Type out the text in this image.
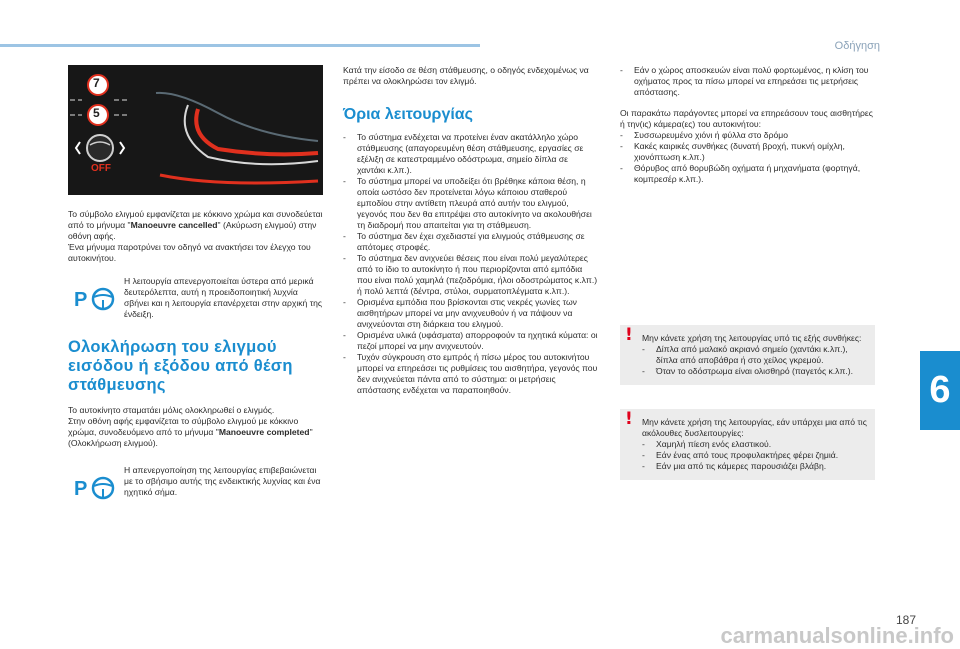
Οδήγηση
6
187
carmanualsonline.info
7
5
OFF

Το σύμβολο ελιγμού εμφανίζεται με κόκκινο χρώμα και συνοδεύεται από το μήνυμα "Manoeuvre cancelled" (Ακύρωση ελιγμού) στην οθόνη αφής.

Ένα μήνυμα παροτρύνει τον οδηγό να ανακτήσει τον έλεγχο του αυτοκινήτου.

P

Η λειτουργία απενεργοποιείται ύστερα από μερικά δευτερόλεπτα, αυτή η προειδοποιητική λυχνία σβήνει και η λειτουργία επανέρχεται στην αρχική της ένδειξη.

Ολοκλήρωση του ελιγμού εισόδου ή εξόδου από θέση στάθμευσης

Το αυτοκίνητο σταματάει μόλις ολοκληρωθεί ο ελιγμός.

Στην οθόνη αφής εμφανίζεται το σύμβολο ελιγμού με κόκκινο χρώμα, συνοδευόμενο από το μήνυμα "Manoeuvre completed" (Ολοκλήρωση ελιγμού).

P

Η απενεργοποίηση της λειτουργίας επιβεβαιώνεται με το σβήσιμο αυτής της ενδεικτικής λυχνίας και ένα ηχητικό σήμα.

Κατά την είσοδο σε θέση στάθμευσης, ο οδηγός ενδεχομένως να πρέπει να ολοκληρώσει τον ελιγμό.

Όρια λειτουργίας
- Το σύστημα ενδέχεται να προτείνει έναν ακατάλληλο χώρο στάθμευσης (απαγορευμένη θέση στάθμευσης, εργασίες σε εξέλιξη σε κατεστραμμένο οδόστρωμα, σημείο δίπλα σε χαντάκι κ.λπ.).
- Το σύστημα μπορεί να υποδείξει ότι βρέθηκε κάποια θέση, η οποία ωστόσο δεν προτείνεται λόγω κάποιου σταθερού εμποδίου στην αντίθετη πλευρά από αυτήν του ελιγμού, γεγονός που δεν θα επιτρέψει στο αυτοκίνητο να ακολουθήσει τη διαδρομή που απαιτείται για τη στάθμευση.
- Το σύστημα δεν έχει σχεδιαστεί για ελιγμούς στάθμευσης σε απότομες στροφές.
- Το σύστημα δεν ανιχνεύει θέσεις που είναι πολύ μεγαλύτερες από το ίδιο το αυτοκίνητο ή που περιορίζονται από εμπόδια που είναι πολύ χαμηλά (πεζοδρόμια, ήλοι οδοστρώματος κ.λπ.) ή πολύ λεπτά (δέντρα, στύλοι, συρματοπλέγματα κ.λπ.).
- Ορισμένα εμπόδια που βρίσκονται στις νεκρές γωνίες των αισθητήρων μπορεί να μην ανιχνευθούν ή να πάψουν να ανιχνεύονται στη διάρκεια του ελιγμού.
- Ορισμένα υλικά (υφάσματα) απορροφούν τα ηχητικά κύματα: οι πεζοί μπορεί να μην ανιχνευτούν.
- Τυχόν σύγκρουση στο εμπρός ή πίσω μέρος του αυτοκινήτου μπορεί να επηρεάσει τις ρυθμίσεις του αισθητήρα, γεγονός που δεν ανιχνεύεται πάντα από το σύστημα: οι μετρήσεις απόστασης ενδέχεται να παραποιηθούν.
- Εάν ο χώρος αποσκευών είναι πολύ φορτωμένος, η κλίση του οχήματος προς τα πίσω μπορεί να επηρεάσει τις μετρήσεις απόστασης.

Οι παρακάτω παράγοντες μπορεί να επηρεάσουν τους αισθητήρες ή την(ις) κάμερα(ες) του αυτοκινήτου:

- Συσσωρευμένο χιόνι ή φύλλα στο δρόμο
- Κακές καιρικές συνθήκες (δυνατή βροχή, πυκνή ομίχλη, χιονόπτωση κ.λπ.)
- Θόρυβος από θορυβώδη οχήματα ή μηχανήματα (φορτηγά, κομπρεσέρ κ.λπ.).
! Μην κάνετε χρήση της λειτουργίας υπό τις εξής συνθήκες:

- Δίπλα από μαλακό ακριανό σημείο (χαντάκι κ.λπ.), δίπλα από αποβάθρα ή στο χείλος γκρεμού.
- Όταν το οδόστρωμα είναι ολισθηρό (παγετός κ.λπ.).
! Μην κάνετε χρήση της λειτουργίας, εάν υπάρχει μια από τις ακόλουθες δυσλειτουργίες:

- Χαμηλή πίεση ενός ελαστικού.
- Εάν ένας από τους προφυλακτήρες φέρει ζημιά.
- Εάν μια από τις κάμερες παρουσιάζει βλάβη.
